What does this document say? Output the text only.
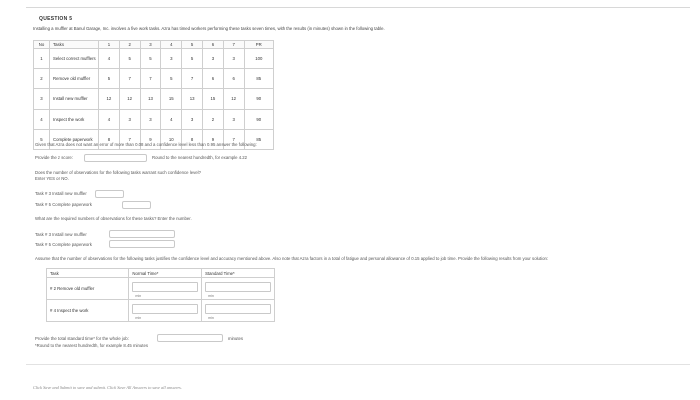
QUESTION 5
Installing a muffler at Banul Garage, Inc. involves a five work tasks. Azra has timed workers performing these tasks seven times, with the results (in minutes) shown in the following table.
No	Tasks	1	2	3	4	5	6	7	PR
1	Select correct mufflers	4	5	5	3	5	3	3	100
2	Remove old muffler	5	7	7	5	7	6	6	85
3	Install new muffler	12	12	13	15	13	15	12	90
4	Inspect the work	4	3	3	4	3	2	3	90
5	Complete paperwork	8	7	9	10	8	9	7	85
Given that Azra does not want an error of more than 0.08 and a confidence level less than 0.95 answer the following:
Provide the z score:	Round to the nearest hundredth, for example 4.22
Does the number of observations for the following tasks warrant such confidence level?
Enter YES or NO.
Task # 3 Install new muffler
Task # 5 Complete paperwork
What are the required numbers of observations for these tasks? Enter the number.
Task # 3 Install new muffler
Task # 5 Complete paperwork
Assume that the number of observations for the following tasks justifies the confidence level and accuracy mentioned above. Also note that Azra factors in a total of fatigue and personal allowance of 0.15 applied to job time. Provide the following results from your solution:
Task	Normal Time*	Standard Time*
# 2 Remove old muffler	min	min
# 4 Inspect the work	min	min
Provide the total standard time* for the whole job:	minutes
*Round to the nearest hundredth, for example 8.45 minutes
Click Save and Submit to save and submit. Click Save All Answers to save all answers.
